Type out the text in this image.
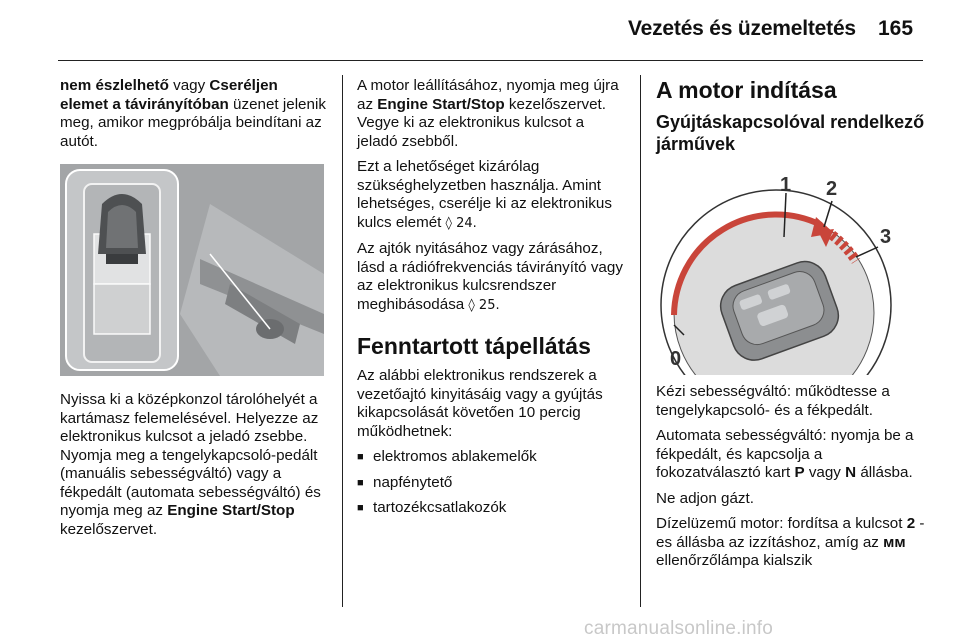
Vezetés és üzemeltetés 165

nem észlelhető vagy Cseréljen elemet a távirányítóban üzenet jelenik meg, amikor megpróbálja beindítani az autót.

Nyissa ki a középkonzol tárolóhelyét a kartámasz felemelésével. Helyezze az elektronikus kulcsot a jeladó zsebbe. Nyomja meg a tengelykapcsoló-pedált (manuális sebességváltó) vagy a fékpedált (automata sebességváltó) és nyomja meg az Engine Start/Stop kezelőszervet.

A motor leállításához, nyomja meg újra az Engine Start/Stop kezelőszervet. Vegye ki az elektronikus kulcsot a jeladó zsebből.

Ezt a lehetőséget kizárólag szükséghelyzetben használja. Amint lehetséges, cserélje ki az elektronikus kulcs elemét ◊ 24.

Az ajtók nyitásához vagy zárásához, lásd a rádiófrekvenciás távirányító vagy az elektronikus kulcsrendszer meghibásodása ◊ 25.

Fenntartott tápellátás

Az alábbi elektronikus rendszerek a vezetőajtó kinyitásáig vagy a gyújtás kikapcsolását követően 10 percig működhetnek:

■ elektromos ablakemelők
■ napfénytető
■ tartozékcsatlakozók
A motor indítása
Gyújtáskapcsolóval rendelkező járművek
1 2
3
0

Kézi sebességváltó: működtesse a tengelykapcsoló- és a fékpedált.

Automata sebességváltó: nyomja be a fékpedált, és kapcsolja a fokozatválasztó kart P vagy N állásba.

Ne adjon gázt.

Dízelüzemű motor: fordítsa a kulcsot 2 - es állásba az izzításhoz, amíg az ᴍᴍ ellenőrzőlámpa kialszik

carmanualsonline.info
